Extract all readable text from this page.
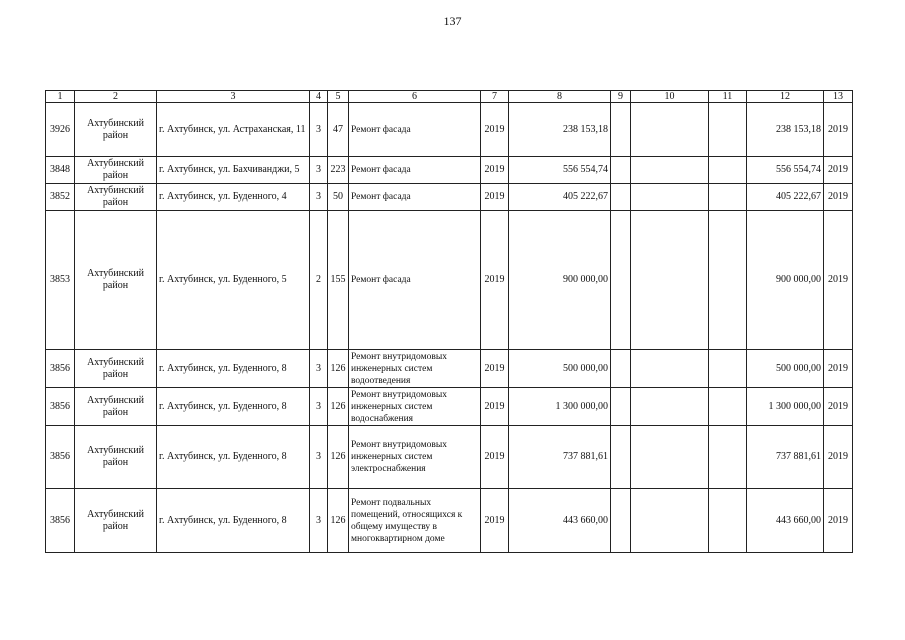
137
1	2	3	4	5	6	7	8	9	10	11	12	13
3926	Ахтубинский район	г. Ахтубинск, ул. Астраханская, 11	3	47	Ремонт фасада	2019	238 153,18				238 153,18	2019
3848	Ахтубинский район	г. Ахтубинск, ул. Бахчиванджи, 5	3	223	Ремонт фасада	2019	556 554,74				556 554,74	2019
3852	Ахтубинский район	г. Ахтубинск, ул. Буденного, 4	3	50	Ремонт фасада	2019	405 222,67				405 222,67	2019
3853	Ахтубинский район	г. Ахтубинск, ул. Буденного, 5	2	155	Ремонт фасада	2019	900 000,00				900 000,00	2019
3856	Ахтубинский район	г. Ахтубинск, ул. Буденного, 8	3	126	Ремонт внутридомовых инженерных систем водоотведения	2019	500 000,00				500 000,00	2019
3856	Ахтубинский район	г. Ахтубинск, ул. Буденного, 8	3	126	Ремонт внутридомовых инженерных систем водоснабжения	2019	1 300 000,00				1 300 000,00	2019
3856	Ахтубинский район	г. Ахтубинск, ул. Буденного, 8	3	126	Ремонт внутридомовых инженерных систем электроснабжения	2019	737 881,61				737 881,61	2019
3856	Ахтубинский район	г. Ахтубинск, ул. Буденного, 8	3	126	Ремонт подвальных помещений, относящихся к общему имуществу в многоквартирном доме	2019	443 660,00				443 660,00	2019
